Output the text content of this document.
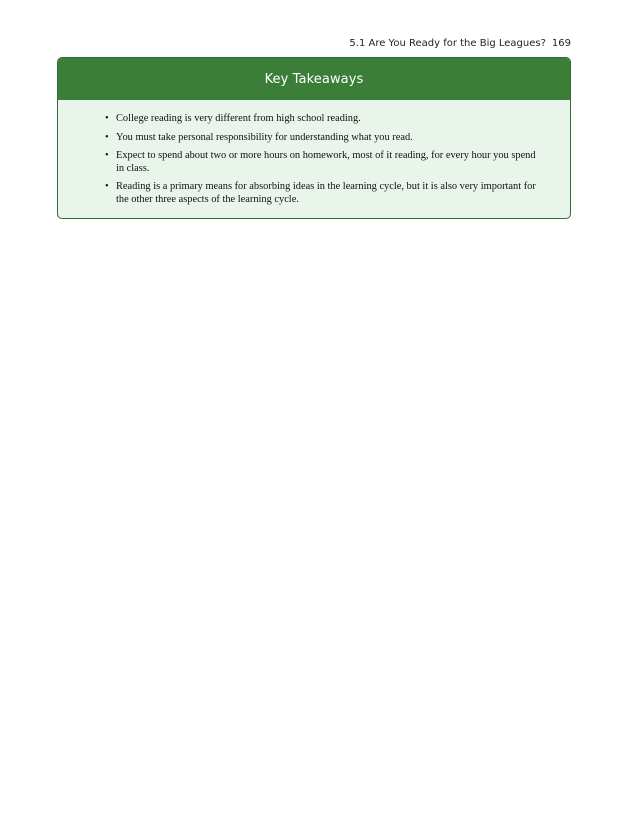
5.1 Are You Ready for the Big Leagues? 169
Key Takeaways
• College reading is very different from high school reading.
• You must take personal responsibility for understanding what you read.
• Expect to spend about two or more hours on homework, most of it reading, for every hour you spend in class.
• Reading is a primary means for absorbing ideas in the learning cycle, but it is also very important for the other three aspects of the learning cycle.
